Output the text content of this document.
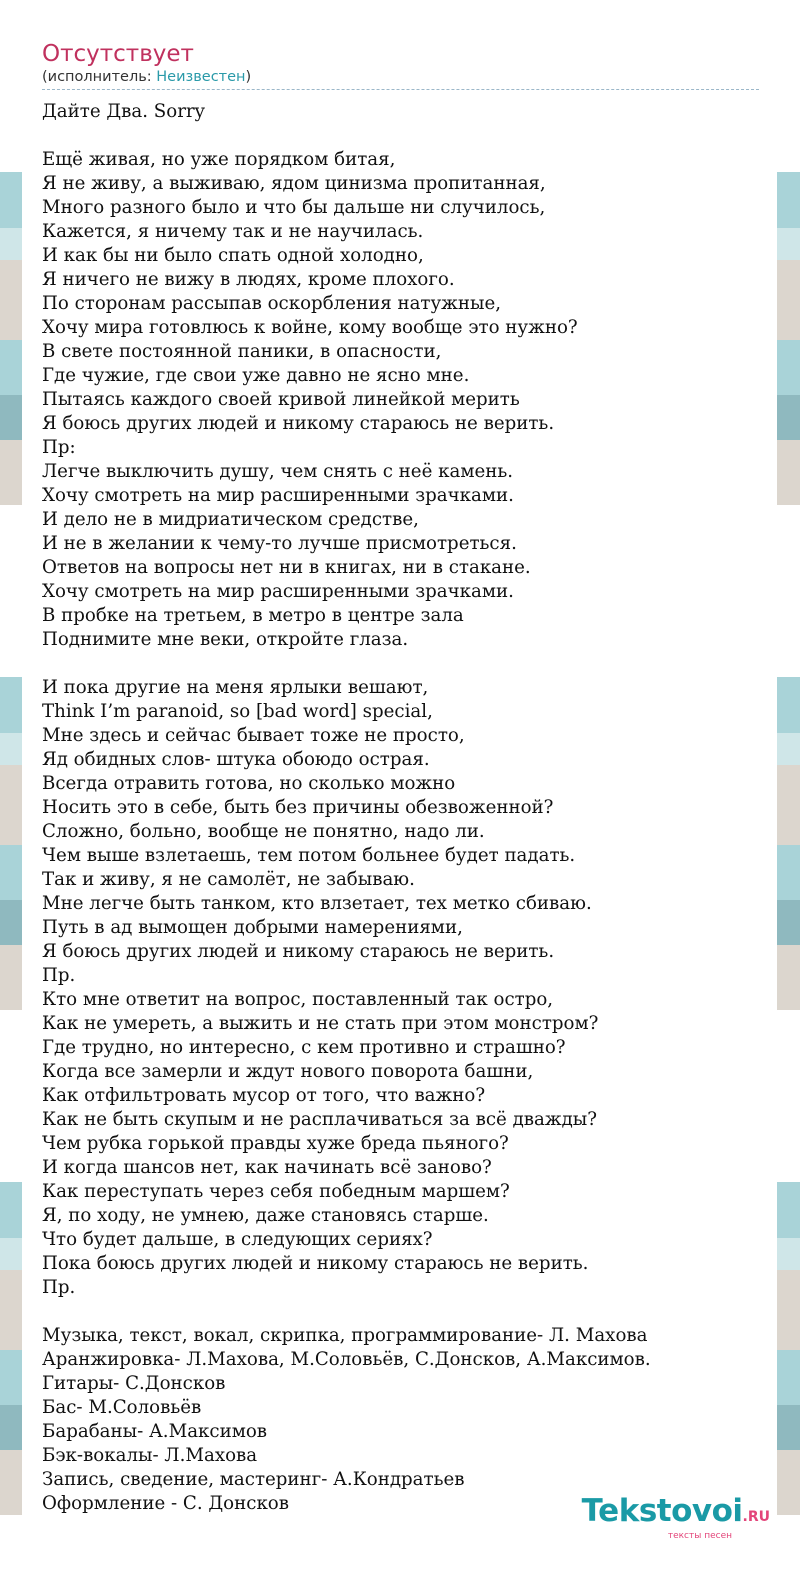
Отсутствует
(исполнитель: Неизвестен)
Дайте Два. Sorry
Ещё живая, но уже порядком битая,
Я не живу, а выживаю, ядом цинизма пропитанная,
Много разного было и что бы дальше ни случилось,
Кажется, я ничему так и не научилась.
И как бы ни было спать одной холодно,
Я ничего не вижу в людях, кроме плохого.
По сторонам рассыпав оскорбления натужные,
Хочу мира готовлюсь к войне, кому вообще это нужно?
В свете постоянной паники, в опасности,
Где чужие, где свои уже давно не ясно мне.
Пытаясь каждого своей кривой линейкой мерить
Я боюсь других людей и никому стараюсь не верить.
Пр:
Легче выключить душу, чем снять с неё камень.
Хочу смотреть на мир расширенными зрачками.
И дело не в мидриатическом средстве,
И не в желании к чему-то лучше присмотреться.
Ответов на вопросы нет ни в книгах, ни в стакане.
Хочу смотреть на мир расширенными зрачками.
В пробке на третьем, в метро в центре зала
Поднимите мне веки, откройте глаза.
И пока другие на меня ярлыки вешают,
Think I’m paranoid, so [bad word] special,
Мне здесь и сейчас бывает тоже не просто,
Яд обидных слов- штука обоюдо острая.
Всегда отравить готова, но сколько можно
Носить это в себе, быть без причины обезвоженной?
Сложно, больно, вообще не понятно, надо ли.
Чем выше взлетаешь, тем потом больнее будет падать.
Так и живу, я не самолёт, не забываю.
Мне легче быть танком, кто влзетает, тех метко сбиваю.
Путь в ад вымощен добрыми намерениями,
Я боюсь других людей и никому стараюсь не верить.
Пр.
Кто мне ответит на вопрос, поставленный так остро,
Как не умереть, а выжить и не стать при этом монстром?
Где трудно, но интересно, с кем противно и страшно?
Когда все замерли и ждут нового поворота башни,
Как отфильтровать мусор от того, что важно?
Как не быть скупым и не расплачиваться за всё дважды?
Чем рубка горькой правды хуже бреда пьяного?
И когда шансов нет, как начинать всё заново?
Как переступать через себя победным маршем?
Я, по ходу, не умнею, даже становясь старше.
Что будет дальше, в следующих сериях?
Пока боюсь других людей и никому стараюсь не верить.
Пр.
Музыка, текст, вокал, скрипка, программирование- Л. Махова
Аранжировка- Л.Махова, М.Соловьёв, С.Донсков, А.Максимов.
Гитары- С.Донсков
Бас- М.Соловьёв
Барабаны- А.Максимов
Бэк-вокалы- Л.Махова
Запись, сведение, мастеринг- А.Кондратьев
Оформление - С. Донсков	Tekstovoi.RU
тексты песен
